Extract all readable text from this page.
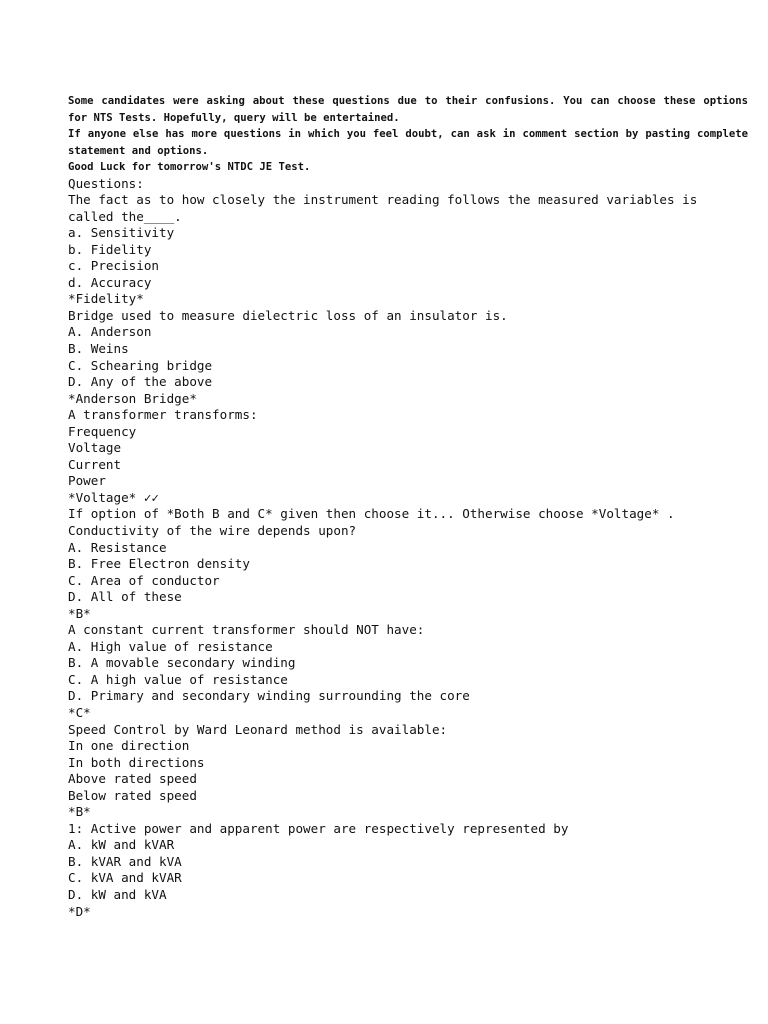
Some candidates were asking about these questions due to their confusions. You can choose these options for NTS Tests. Hopefully, query will be entertained.
If anyone else has more questions in which you feel doubt, can ask in comment section by pasting complete statement and options.
Good Luck for tomorrow's NTDC JE Test.
Questions:
The fact as to how closely the instrument reading follows the measured variables is
called the____.
a. Sensitivity
b. Fidelity
c. Precision
d. Accuracy
*Fidelity*
Bridge used to measure dielectric loss of an insulator is.
A. Anderson
B. Weins
C. Schearing bridge
D. Any of the above
*Anderson Bridge*
A transformer transforms:
Frequency
Voltage
Current
Power
*Voltage* ✓✓
If option of *Both B and C* given then choose it... Otherwise choose *Voltage* .
Conductivity of the wire depends upon?
A. Resistance
B. Free Electron density
C. Area of conductor
D. All of these
*B*
A constant current transformer should NOT have:
A. High value of resistance
B. A movable secondary winding
C. A high value of resistance
D. Primary and secondary winding surrounding the core
*C*
Speed Control by Ward Leonard method is available:
In one direction
In both directions
Above rated speed
Below rated speed
*B*
1: Active power and apparent power are respectively represented by
A. kW and kVAR
B. kVAR and kVA
C. kVA and kVAR
D. kW and kVA
*D*
